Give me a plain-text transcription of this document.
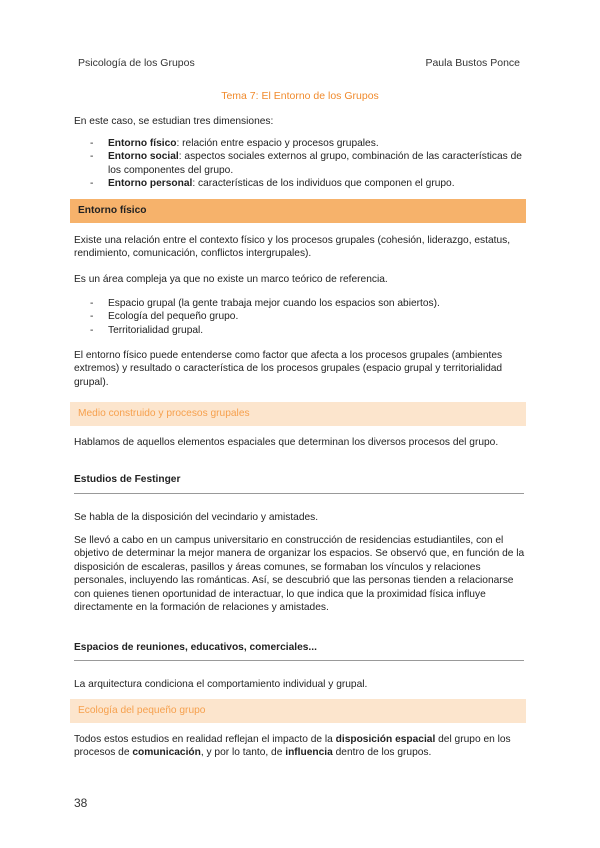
Psicología de los Grupos	Paula Bustos Ponce
Tema 7: El Entorno de los Grupos
En este caso, se estudian tres dimensiones:
- Entorno físico: relación entre espacio y procesos grupales.
- Entorno social: aspectos sociales externos al grupo, combinación de las características de los componentes del grupo.
- Entorno personal: características de los individuos que componen el grupo.
Entorno físico
Existe una relación entre el contexto físico y los procesos grupales (cohesión, liderazgo, estatus, rendimiento, comunicación, conflictos intergrupales).
Es un área compleja ya que no existe un marco teórico de referencia.
- Espacio grupal (la gente trabaja mejor cuando los espacios son abiertos).
- Ecología del pequeño grupo.
- Territorialidad grupal.
El entorno físico puede entenderse como factor que afecta a los procesos grupales (ambientes extremos) y resultado o característica de los procesos grupales (espacio grupal y territorialidad grupal).
Medio construido y procesos grupales
Hablamos de aquellos elementos espaciales que determinan los diversos procesos del grupo.
Estudios de Festinger
Se habla de la disposición del vecindario y amistades.
Se llevó a cabo en un campus universitario en construcción de residencias estudiantiles, con el objetivo de determinar la mejor manera de organizar los espacios. Se observó que, en función de la disposición de escaleras, pasillos y áreas comunes, se formaban los vínculos y relaciones personales, incluyendo las románticas. Así, se descubrió que las personas tienden a relacionarse con quienes tienen oportunidad de interactuar, lo que indica que la proximidad física influye directamente en la formación de relaciones y amistades.
Espacios de reuniones, educativos, comerciales...
La arquitectura condiciona el comportamiento individual y grupal.
Ecología del pequeño grupo
Todos estos estudios en realidad reflejan el impacto de la disposición espacial del grupo en los procesos de comunicación, y por lo tanto, de influencia dentro de los grupos.
38
